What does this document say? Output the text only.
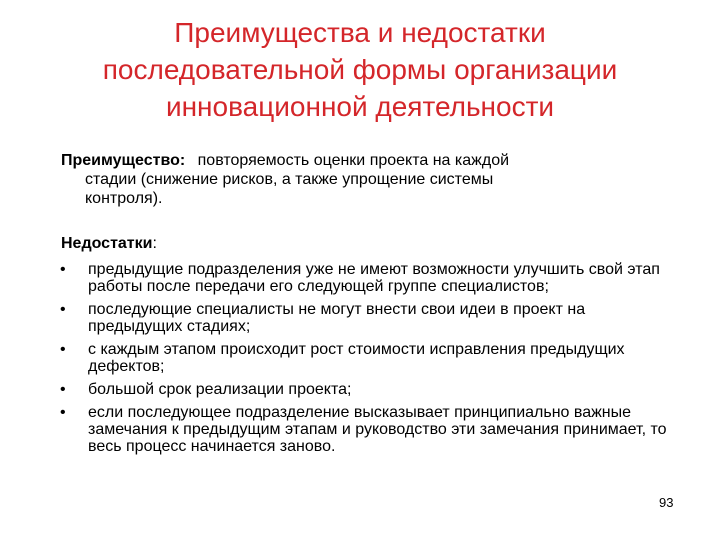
Преимущества и недостатки
последовательной формы организации
инновационной деятельности
Преимущество: повторяемость оценки проекта на каждой
стадии (снижение рисков, а также упрощение системы
контроля).
Недостатки:
• предыдущие подразделения уже не имеют возможности улучшить свой этап работы после передачи его следующей группе специалистов;
• последующие специалисты не могут внести свои идеи в проект на предыдущих стадиях;
• с каждым этапом происходит рост стоимости исправления предыдущих дефектов;
• большой срок реализации проекта;
• если последующее подразделение высказывает принципиально важные замечания к предыдущим этапам и руководство эти замечания принимает, то весь процесс начинается заново.
93
